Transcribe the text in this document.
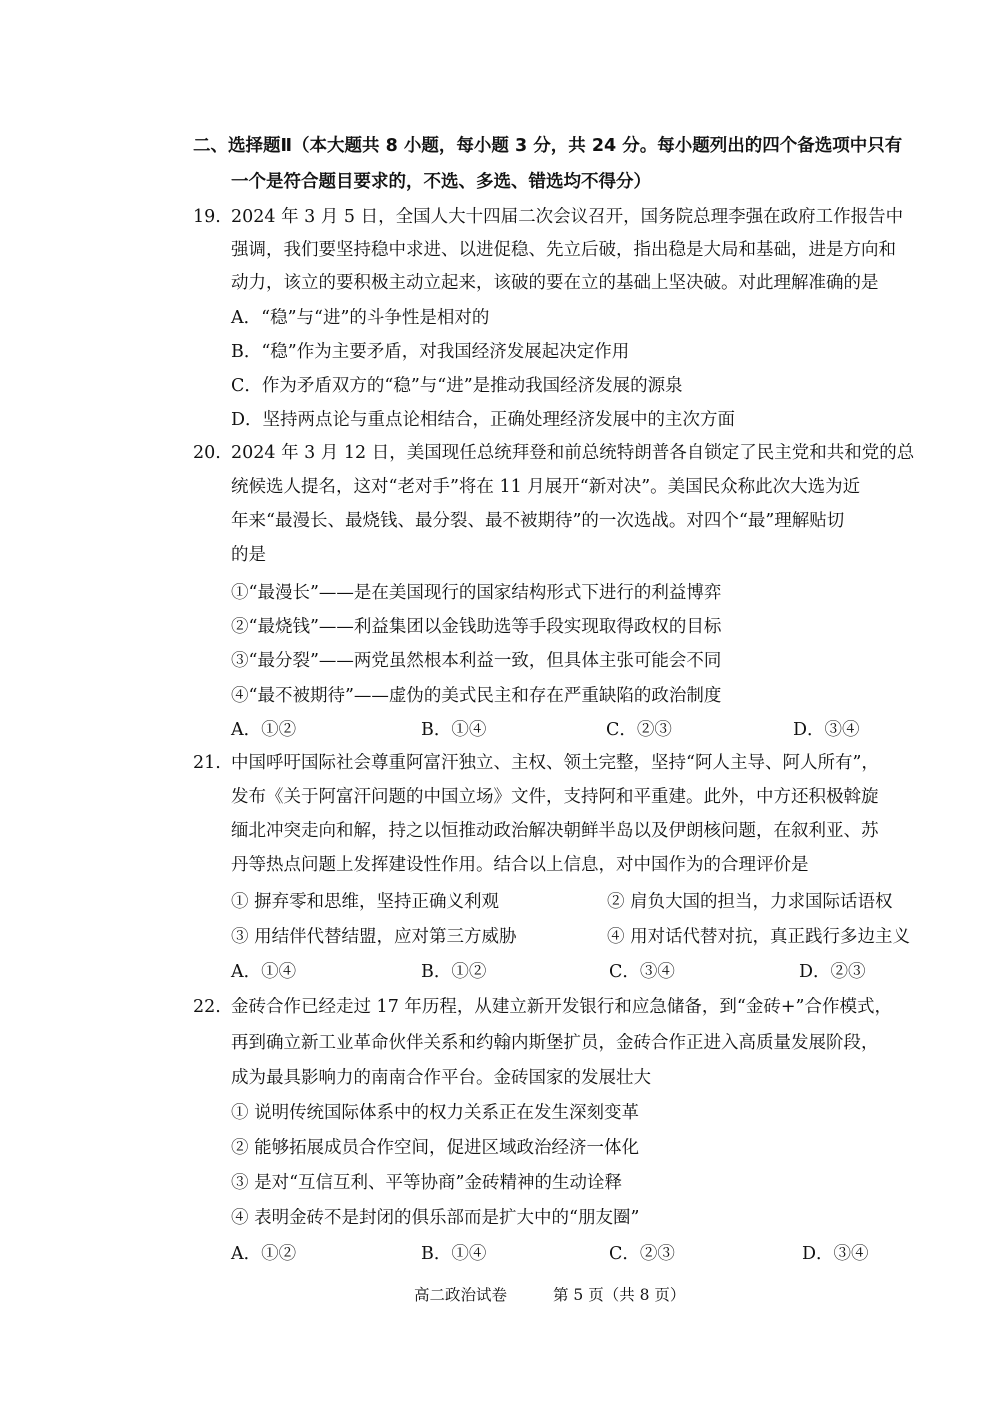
二、选择题Ⅱ（本大题共 8 小题，每小题 3 分，共 24 分。每小题列出的四个备选项中只有
一个是符合题目要求的，不选、多选、错选均不得分）
19. 2024 年 3 月 5 日，全国人大十四届二次会议召开，国务院总理李强在政府工作报告中
强调，我们要坚持稳中求进、以进促稳、先立后破，指出稳是大局和基础，进是方向和
动力，该立的要积极主动立起来，该破的要在立的基础上坚决破。对此理解准确的是
A．“稳”与“进”的斗争性是相对的
B．“稳”作为主要矛盾，对我国经济发展起决定作用
C．作为矛盾双方的“稳”与“进”是推动我国经济发展的源泉
D．坚持两点论与重点论相结合，正确处理经济发展中的主次方面
20. 2024 年 3 月 12 日，美国现任总统拜登和前总统特朗普各自锁定了民主党和共和党的总
统候选人提名，这对“老对手”将在 11 月展开“新对决”。美国民众称此次大选为近
年来“最漫长、最烧钱、最分裂、最不被期待”的一次选战。对四个“最”理解贴切
的是
①“最漫长”——是在美国现行的国家结构形式下进行的利益博弈
②“最烧钱”——利益集团以金钱助选等手段实现取得政权的目标
③“最分裂”——两党虽然根本利益一致，但具体主张可能会不同
④“最不被期待”——虚伪的美式民主和存在严重缺陷的政治制度
A．①②	B．①④	C．②③	D．③④
21. 中国呼吁国际社会尊重阿富汗独立、主权、领土完整，坚持“阿人主导、阿人所有”，
发布《关于阿富汗问题的中国立场》文件，支持阿和平重建。此外，中方还积极斡旋
缅北冲突走向和解，持之以恒推动政治解决朝鲜半岛以及伊朗核问题，在叙利亚、苏
丹等热点问题上发挥建设性作用。结合以上信息，对中国作为的合理评价是
① 摒弃零和思维，坚持正确义利观	② 肩负大国的担当，力求国际话语权
③ 用结伴代替结盟，应对第三方威胁	④ 用对话代替对抗，真正践行多边主义
A．①④	B．①②	C．③④	D．②③
22. 金砖合作已经走过 17 年历程，从建立新开发银行和应急储备，到“金砖+”合作模式，
再到确立新工业革命伙伴关系和约翰内斯堡扩员，金砖合作正进入高质量发展阶段，
成为最具影响力的南南合作平台。金砖国家的发展壮大
① 说明传统国际体系中的权力关系正在发生深刻变革
② 能够拓展成员合作空间，促进区域政治经济一体化
③ 是对“互信互利、平等协商”金砖精神的生动诠释
④ 表明金砖不是封闭的俱乐部而是扩大中的“朋友圈”
A．①②	B．①④	C．②③	D．③④
高二政治试卷	第 5 页（共 8 页）
